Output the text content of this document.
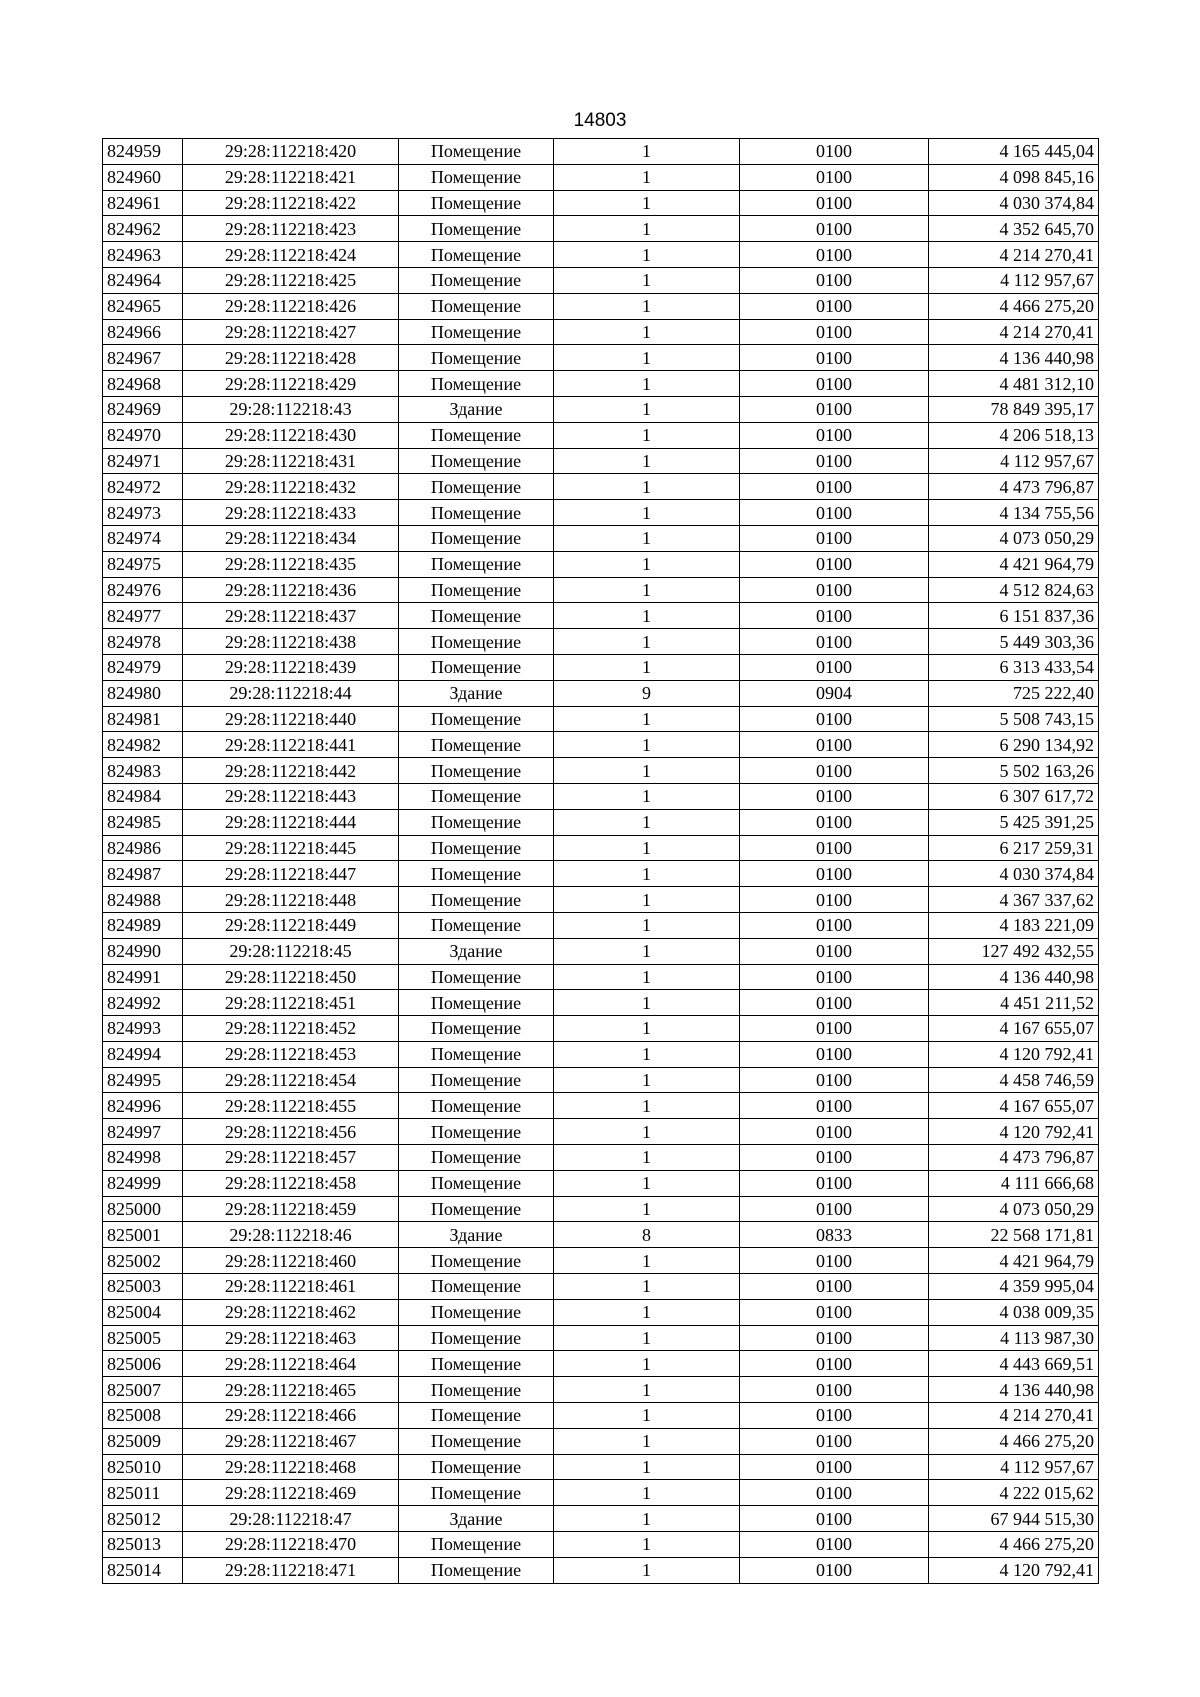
14803
824959	29:28:112218:420	Помещение	1	0100	4 165 445,04
824960	29:28:112218:421	Помещение	1	0100	4 098 845,16
824961	29:28:112218:422	Помещение	1	0100	4 030 374,84
824962	29:28:112218:423	Помещение	1	0100	4 352 645,70
824963	29:28:112218:424	Помещение	1	0100	4 214 270,41
824964	29:28:112218:425	Помещение	1	0100	4 112 957,67
824965	29:28:112218:426	Помещение	1	0100	4 466 275,20
824966	29:28:112218:427	Помещение	1	0100	4 214 270,41
824967	29:28:112218:428	Помещение	1	0100	4 136 440,98
824968	29:28:112218:429	Помещение	1	0100	4 481 312,10
824969	29:28:112218:43	Здание	1	0100	78 849 395,17
824970	29:28:112218:430	Помещение	1	0100	4 206 518,13
824971	29:28:112218:431	Помещение	1	0100	4 112 957,67
824972	29:28:112218:432	Помещение	1	0100	4 473 796,87
824973	29:28:112218:433	Помещение	1	0100	4 134 755,56
824974	29:28:112218:434	Помещение	1	0100	4 073 050,29
824975	29:28:112218:435	Помещение	1	0100	4 421 964,79
824976	29:28:112218:436	Помещение	1	0100	4 512 824,63
824977	29:28:112218:437	Помещение	1	0100	6 151 837,36
824978	29:28:112218:438	Помещение	1	0100	5 449 303,36
824979	29:28:112218:439	Помещение	1	0100	6 313 433,54
824980	29:28:112218:44	Здание	9	0904	725 222,40
824981	29:28:112218:440	Помещение	1	0100	5 508 743,15
824982	29:28:112218:441	Помещение	1	0100	6 290 134,92
824983	29:28:112218:442	Помещение	1	0100	5 502 163,26
824984	29:28:112218:443	Помещение	1	0100	6 307 617,72
824985	29:28:112218:444	Помещение	1	0100	5 425 391,25
824986	29:28:112218:445	Помещение	1	0100	6 217 259,31
824987	29:28:112218:447	Помещение	1	0100	4 030 374,84
824988	29:28:112218:448	Помещение	1	0100	4 367 337,62
824989	29:28:112218:449	Помещение	1	0100	4 183 221,09
824990	29:28:112218:45	Здание	1	0100	127 492 432,55
824991	29:28:112218:450	Помещение	1	0100	4 136 440,98
824992	29:28:112218:451	Помещение	1	0100	4 451 211,52
824993	29:28:112218:452	Помещение	1	0100	4 167 655,07
824994	29:28:112218:453	Помещение	1	0100	4 120 792,41
824995	29:28:112218:454	Помещение	1	0100	4 458 746,59
824996	29:28:112218:455	Помещение	1	0100	4 167 655,07
824997	29:28:112218:456	Помещение	1	0100	4 120 792,41
824998	29:28:112218:457	Помещение	1	0100	4 473 796,87
824999	29:28:112218:458	Помещение	1	0100	4 111 666,68
825000	29:28:112218:459	Помещение	1	0100	4 073 050,29
825001	29:28:112218:46	Здание	8	0833	22 568 171,81
825002	29:28:112218:460	Помещение	1	0100	4 421 964,79
825003	29:28:112218:461	Помещение	1	0100	4 359 995,04
825004	29:28:112218:462	Помещение	1	0100	4 038 009,35
825005	29:28:112218:463	Помещение	1	0100	4 113 987,30
825006	29:28:112218:464	Помещение	1	0100	4 443 669,51
825007	29:28:112218:465	Помещение	1	0100	4 136 440,98
825008	29:28:112218:466	Помещение	1	0100	4 214 270,41
825009	29:28:112218:467	Помещение	1	0100	4 466 275,20
825010	29:28:112218:468	Помещение	1	0100	4 112 957,67
825011	29:28:112218:469	Помещение	1	0100	4 222 015,62
825012	29:28:112218:47	Здание	1	0100	67 944 515,30
825013	29:28:112218:470	Помещение	1	0100	4 466 275,20
825014	29:28:112218:471	Помещение	1	0100	4 120 792,41
